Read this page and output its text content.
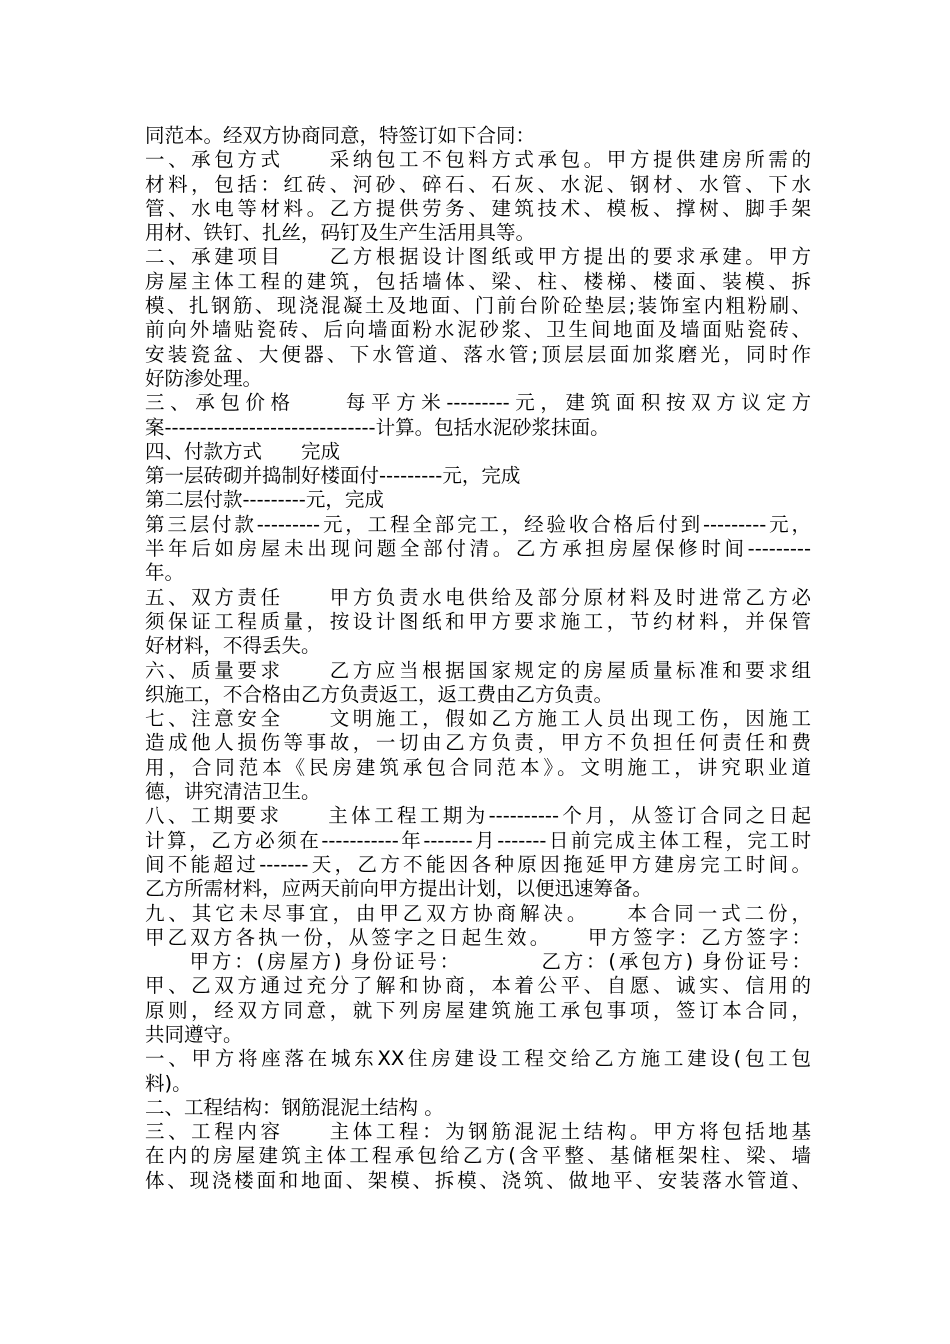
同范本。经双方协商同意，特签订如下合同：
一、承包方式　　采纳包工不包料方式承包。甲方提供建房所需的
材料，包括：红砖、河砂、碎石、石灰、水泥、钢材、水管、下水
管、水电等材料。乙方提供劳务、建筑技术、模板、撑树、脚手架
用材、铁钉、扎丝，码钉及生产生活用具等。
二、承建项目　　乙方根据设计图纸或甲方提出的要求承建。甲方
房屋主体工程的建筑，包括墙体、梁、柱、楼梯、楼面、装模、拆
模、扎钢筋、现浇混凝土及地面、门前台阶砼垫层;装饰室内粗粉刷、
前向外墙贴瓷砖、后向墙面粉水泥砂浆、卫生间地面及墙面贴瓷砖、
安装瓷盆、大便器、下水管道、落水管;顶层层面加浆磨光，同时作
好防渗处理。
三、承包价格　　每平方米---------元，建筑面积按双方议定方
案------------------------------计算。包括水泥砂浆抹面。
四、付款方式　　完成
第一层砖砌并捣制好楼面付---------元，完成
第二层付款---------元，完成
第三层付款---------元，工程全部完工，经验收合格后付到---------元，
半年后如房屋未出现问题全部付清。乙方承担房屋保修时间---------
年。
五、双方责任　　甲方负责水电供给及部分原材料及时进常乙方必
须保证工程质量，按设计图纸和甲方要求施工，节约材料，并保管
好材料，不得丢失。
六、质量要求　　乙方应当根据国家规定的房屋质量标准和要求组
织施工，不合格由乙方负责返工，返工费由乙方负责。
七、注意安全　　文明施工，假如乙方施工人员出现工伤，因施工
造成他人损伤等事故，一切由乙方负责，甲方不负担任何责任和费
用，合同范本《民房建筑承包合同范本》。文明施工，讲究职业道
德，讲究清洁卫生。
八、工期要求　　主体工程工期为----------个月，从签订合同之日起
计算，乙方必须在-----------年-------月-------日前完成主体工程，完工时
间不能超过-------天，乙方不能因各种原因拖延甲方建房完工时间。
乙方所需材料，应两天前向甲方提出计划，以便迅速筹备。
九、其它未尽事宜，由甲乙双方协商解决。　　本合同一式二份，
甲乙双方各执一份，从签字之日起生效。　　甲方签字：乙方签字：
　　甲方：(房屋方) 身份证号：　　　　乙方：(承包方) 身份证号：
甲、乙双方通过充分了解和协商，本着公平、自愿、诚实、信用的
原则，经双方同意，就下列房屋建筑施工承包事项，签订本合同，
共同遵守。
一、甲方将座落在城东XX住房建设工程交给乙方施工建设(包工包
料)。
二、工程结构：钢筋混泥土结构 。
三、工程内容　　主体工程：为钢筋混泥土结构。甲方将包括地基
在内的房屋建筑主体工程承包给乙方(含平整、基储框架柱、梁、墙
体、现浇楼面和地面、架模、拆模、浇筑、做地平、安装落水管道、
